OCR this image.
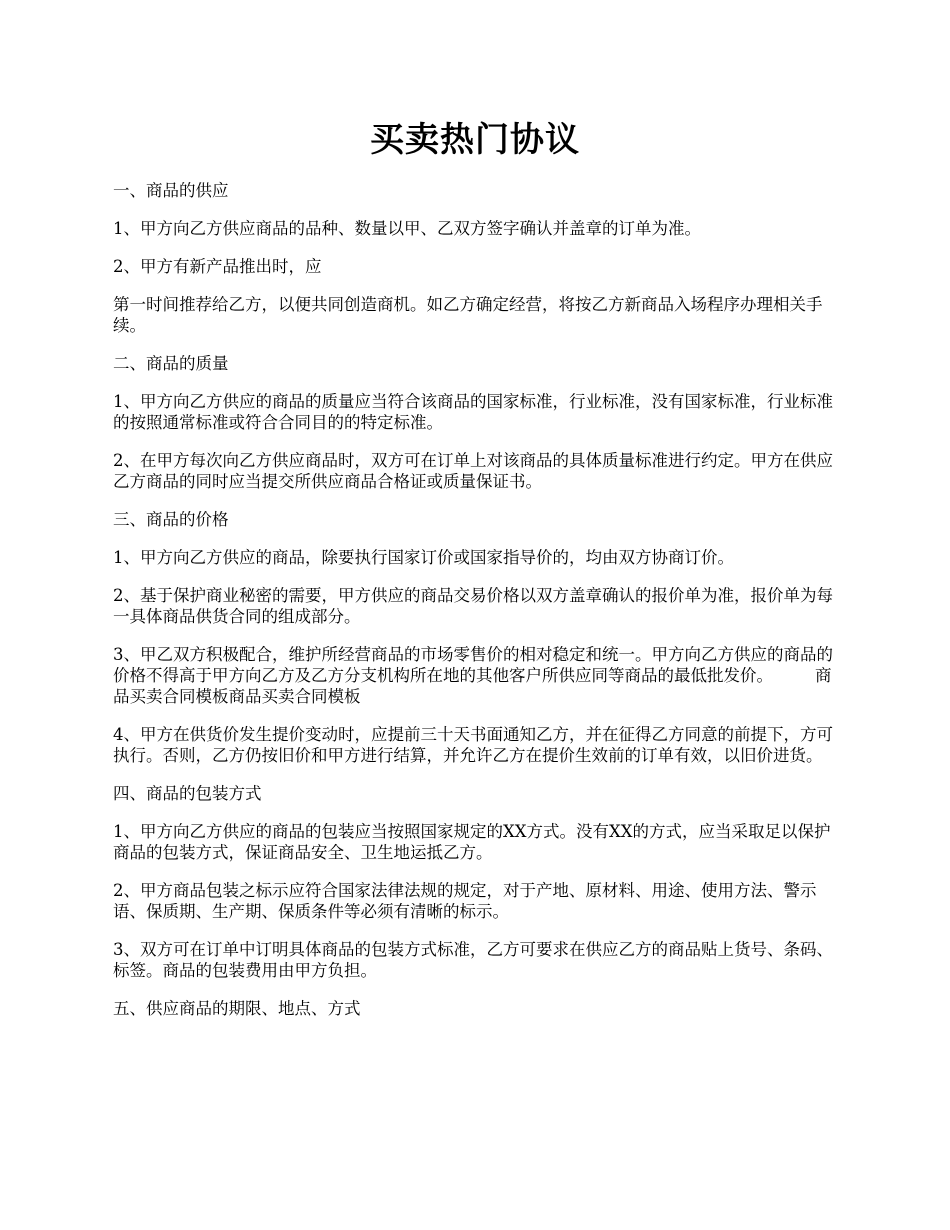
买卖热门协议

一、商品的供应

1、甲方向乙方供应商品的品种、数量以甲、乙双方签字确认并盖章的订单为准。

2、甲方有新产品推出时，应

第一时间推荐给乙方，以便共同创造商机。如乙方确定经营，将按乙方新商品入场程序办理相关手续。

二、商品的质量

1、甲方向乙方供应的商品的质量应当符合该商品的国家标准，行业标准，没有国家标准，行业标准的按照通常标准或符合合同目的的特定标准。

2、在甲方每次向乙方供应商品时，双方可在订单上对该商品的具体质量标准进行约定。甲方在供应乙方商品的同时应当提交所供应商品合格证或质量保证书。

三、商品的价格

1、甲方向乙方供应的商品，除要执行国家订价或国家指导价的，均由双方协商订价。

2、基于保护商业秘密的需要，甲方供应的商品交易价格以双方盖章确认的报价单为准，报价单为每一具体商品供货合同的组成部分。

3、甲乙双方积极配合，维护所经营商品的市场零售价的相对稳定和统一。甲方向乙方供应的商品的价格不得高于甲方向乙方及乙方分支机构所在地的其他客户所供应同等商品的最低批发价。        商品买卖合同模板商品买卖合同模板

4、甲方在供货价发生提价变动时，应提前三十天书面通知乙方，并在征得乙方同意的前提下，方可执行。否则，乙方仍按旧价和甲方进行结算，并允许乙方在提价生效前的订单有效，以旧价进货。

四、商品的包装方式

1、甲方向乙方供应的商品的包装应当按照国家规定的XX方式。没有XX的方式，应当采取足以保护商品的包装方式，保证商品安全、卫生地运抵乙方。

2、甲方商品包装之标示应符合国家法律法规的规定，对于产地、原材料、用途、使用方法、警示语、保质期、生产期、保质条件等必须有清晰的标示。

3、双方可在订单中订明具体商品的包装方式标准，乙方可要求在供应乙方的商品贴上货号、条码、标签。商品的包装费用由甲方负担。

五、供应商品的期限、地点、方式
